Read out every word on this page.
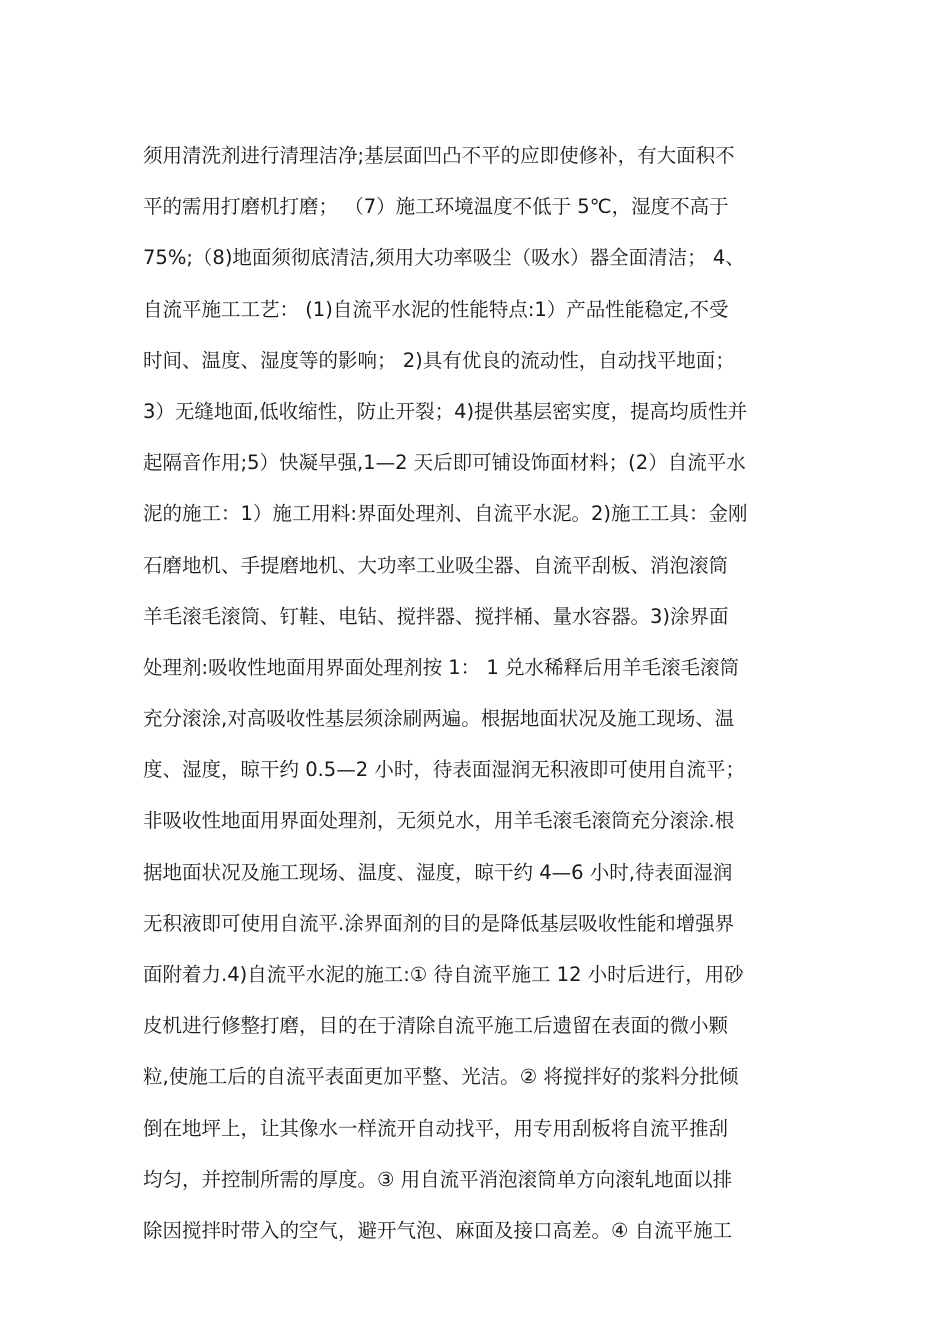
须用清洗剂进行清理洁净;基层面凹凸不平的应即使修补，有大面积不
平的需用打磨机打磨； （7）施工环境温度不低于 5℃，湿度不高于
75%;（8)地面须彻底清洁,须用大功率吸尘（吸水）器全面清洁； 4、
自流平施工工艺： (1)自流平水泥的性能特点:1）产品性能稳定,不受
时间、温度、湿度等的影响； 2)具有优良的流动性，自动找平地面；
3）无缝地面,低收缩性，防止开裂；4)提供基层密实度，提高均质性并
起隔音作用;5）快凝早强,1—2 天后即可铺设饰面材料；(2）自流平水
泥的施工：1）施工用料:界面处理剂、自流平水泥。2)施工工具：金刚
石磨地机、手提磨地机、大功率工业吸尘器、自流平刮板、消泡滚筒
羊毛滚毛滚筒、钉鞋、电钻、搅拌器、搅拌桶、量水容器。3)涂界面
处理剂:吸收性地面用界面处理剂按 1： 1 兑水稀释后用羊毛滚毛滚筒
充分滚涂,对高吸收性基层须涂刷两遍。根据地面状况及施工现场、温
度、湿度，晾干约 0.5—2 小时，待表面湿润无积液即可使用自流平；
非吸收性地面用界面处理剂，无须兑水，用羊毛滚毛滚筒充分滚涂.根
据地面状况及施工现场、温度、湿度，晾干约 4—6 小时,待表面湿润
无积液即可使用自流平.涂界面剂的目的是降低基层吸收性能和增强界
面附着力.4)自流平水泥的施工:① 待自流平施工 12 小时后进行，用砂
皮机进行修整打磨，目的在于清除自流平施工后遗留在表面的微小颗
粒,使施工后的自流平表面更加平整、光洁。② 将搅拌好的浆料分批倾
倒在地坪上，让其像水一样流开自动找平，用专用刮板将自流平推刮
均匀，并控制所需的厚度。③ 用自流平消泡滚筒单方向滚轧地面以排
除因搅拌时带入的空气，避开气泡、麻面及接口高差。④ 自流平施工
